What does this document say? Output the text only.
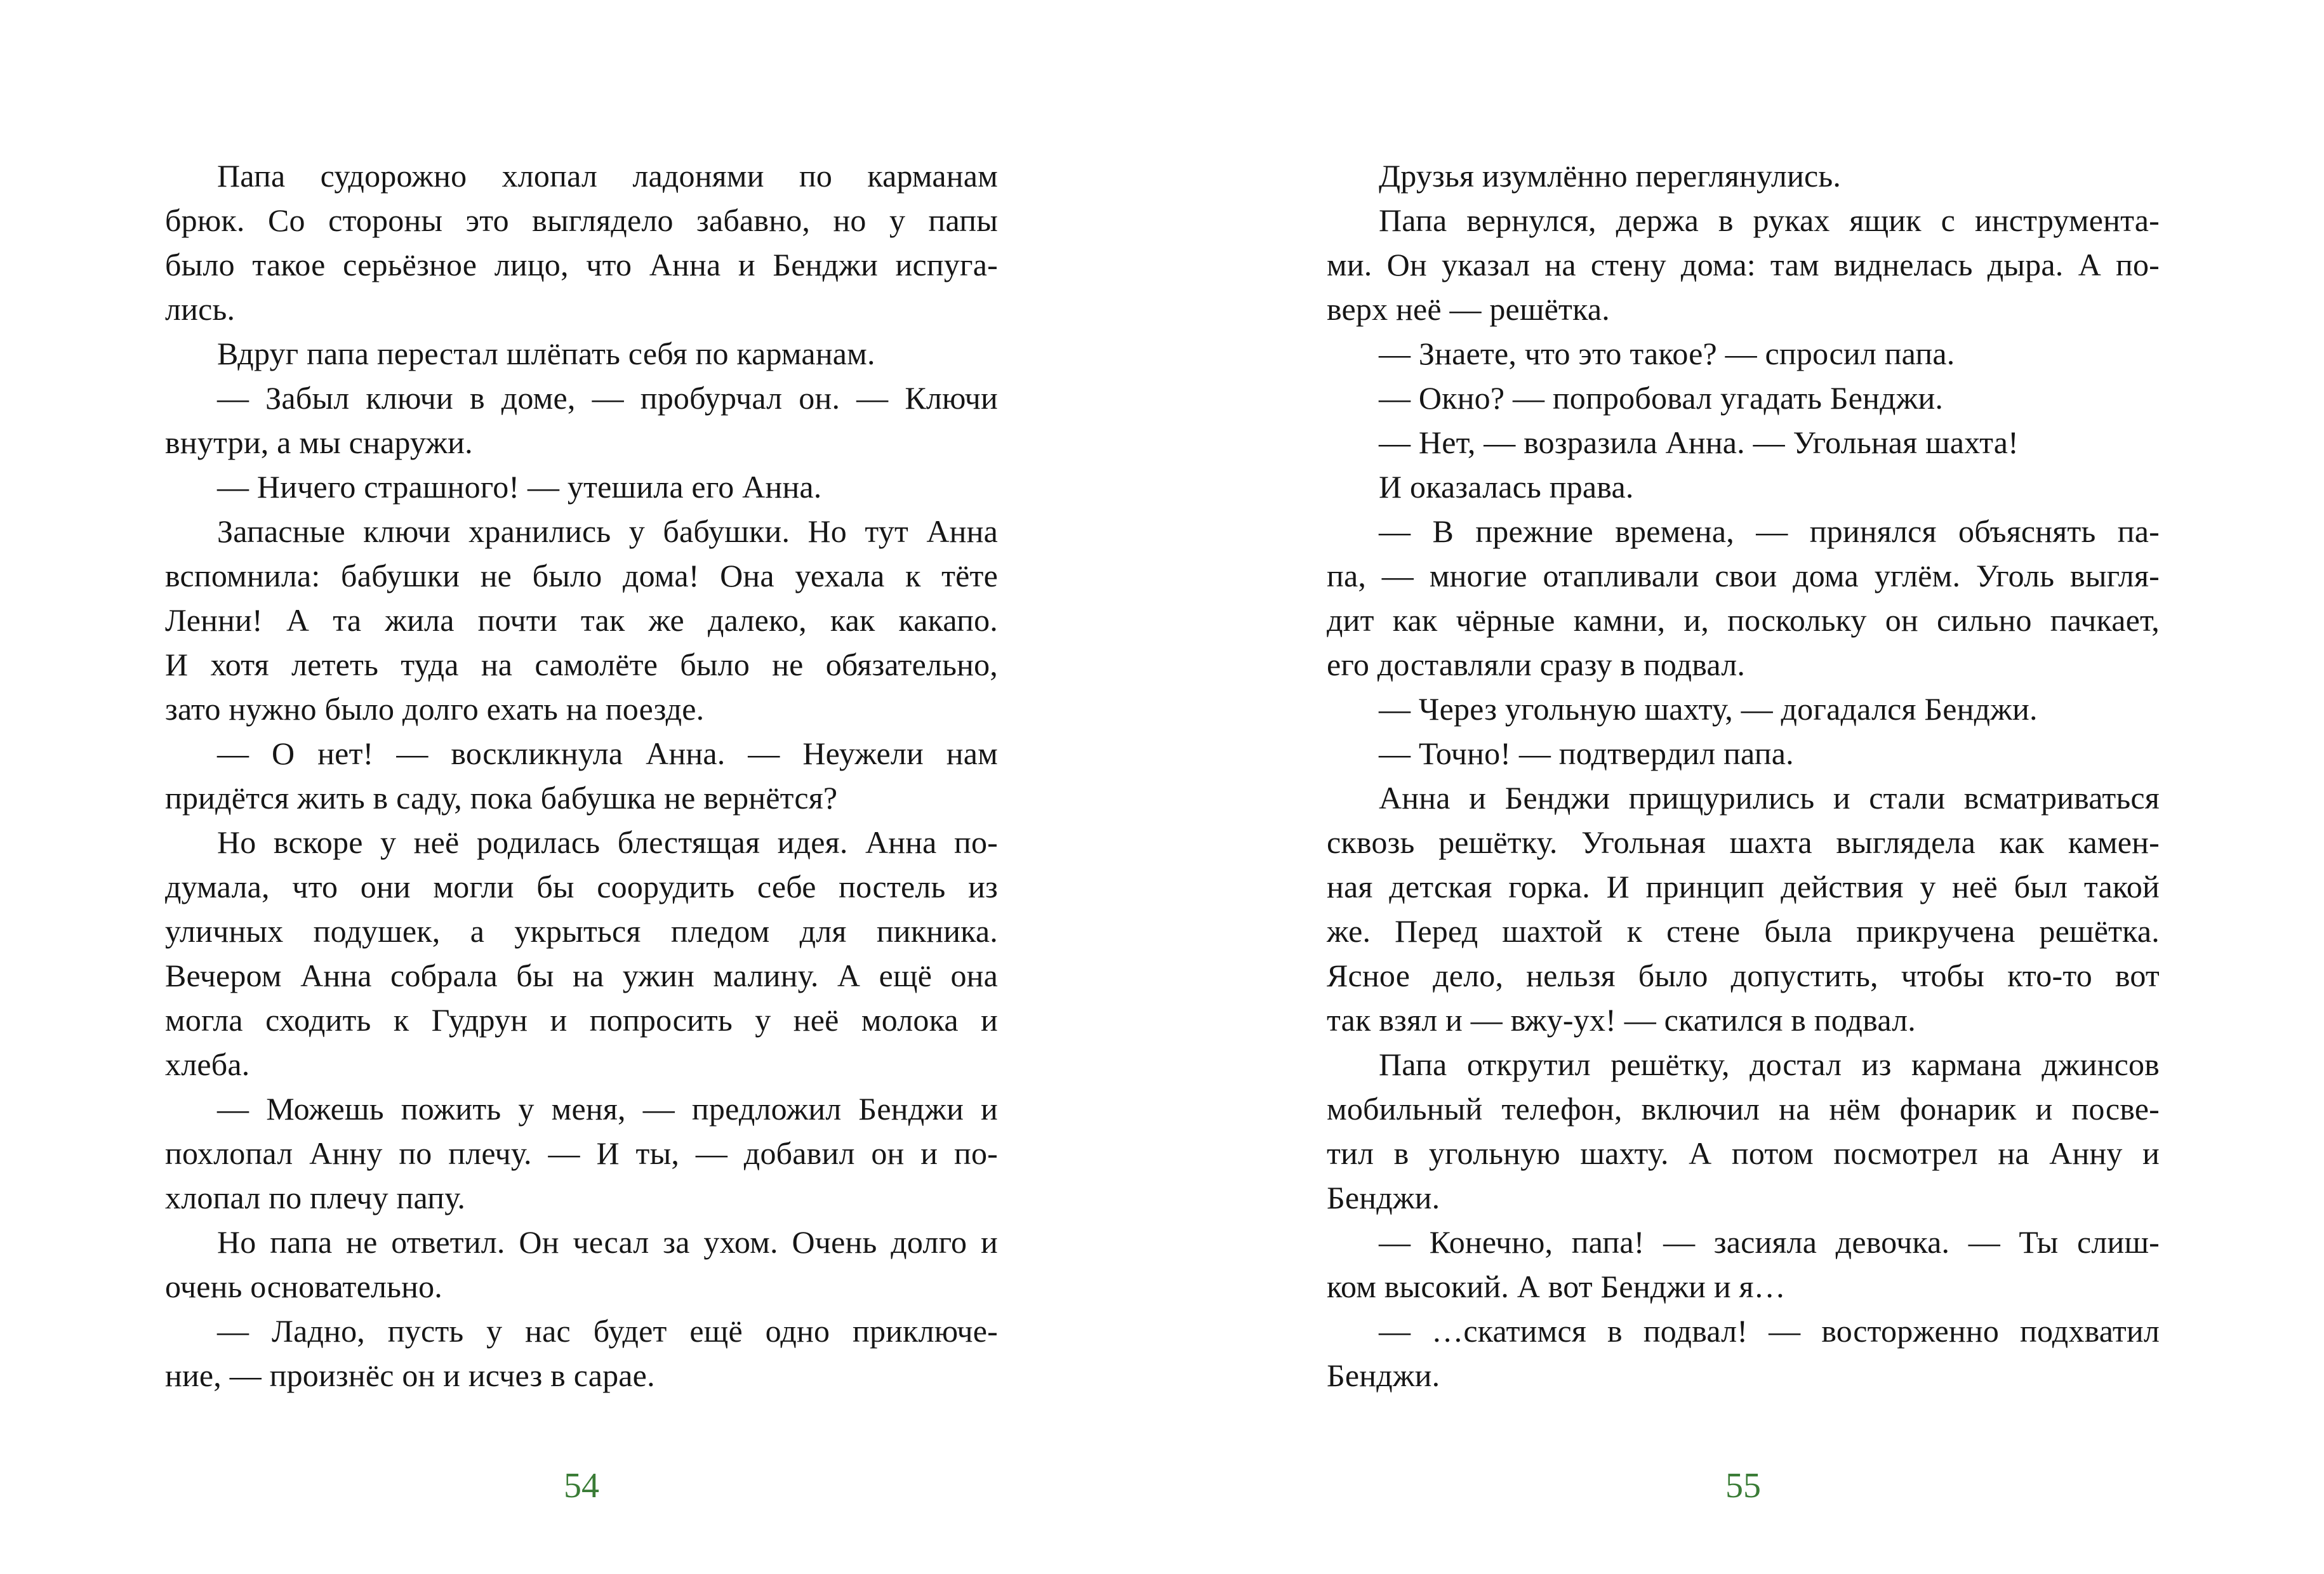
Папа судорожно хлопал ладонями по карманам
брюк. Со стороны это выглядело забавно, но у папы
было такое серьёзное лицо, что Анна и Бенджи испуга-
лись.
Вдруг папа перестал шлёпать себя по карманам.
— Забыл ключи в доме, — пробурчал он. — Ключи
внутри, а мы снаружи.
— Ничего страшного! — утешила его Анна.
Запасные ключи хранились у бабушки. Но тут Анна
вспомнила: бабушки не было дома! Она уехала к тёте
Ленни! А та жила почти так же далеко, как какапо.
И хотя лететь туда на самолёте было не обязательно,
зато нужно было долго ехать на поезде.
— О нет! — воскликнула Анна. — Неужели нам
придётся жить в саду, пока бабушка не вернётся?
Но вскоре у неё родилась блестящая идея. Анна по-
думала, что они могли бы соорудить себе постель из
уличных подушек, а укрыться пледом для пикника.
Вечером Анна собрала бы на ужин малину. А ещё она
могла сходить к Гудрун и попросить у неё молока и
хлеба.
— Можешь пожить у меня, — предложил Бенджи и
похлопал Анну по плечу. — И ты, — добавил он и по-
хлопал по плечу папу.
Но папа не ответил. Он чесал за ухом. Очень долго и
очень основательно.
— Ладно, пусть у нас будет ещё одно приключе-
ние, — произнёс он и исчез в сарае.
Друзья изумлённо переглянулись.
Папа вернулся, держа в руках ящик с инструмента-
ми. Он указал на стену дома: там виднелась дыра. А по-
верх неё — решётка.
— Знаете, что это такое? — спросил папа.
— Окно? — попробовал угадать Бенджи.
— Нет, — возразила Анна. — Угольная шахта!
И оказалась права.
— В прежние времена, — принялся объяснять па-
па, — многие отапливали свои дома углём. Уголь выгля-
дит как чёрные камни, и, поскольку он сильно пачкает,
его доставляли сразу в подвал.
— Через угольную шахту, — догадался Бенджи.
— Точно! — подтвердил папа.
Анна и Бенджи прищурились и стали всматриваться
сквозь решётку. Угольная шахта выглядела как камен-
ная детская горка. И принцип действия у неё был такой
же. Перед шахтой к стене была прикручена решётка.
Ясное дело, нельзя было допустить, чтобы кто-то вот
так взял и — вжу-ух! — скатился в подвал.
Папа открутил решётку, достал из кармана джинсов
мобильный телефон, включил на нём фонарик и посве-
тил в угольную шахту. А потом посмотрел на Анну и
Бенджи.
— Конечно, папа! — засияла девочка. — Ты слиш-
ком высокий. А вот Бенджи и я…
— …скатимся в подвал! — восторженно подхватил
Бенджи.
54	55
